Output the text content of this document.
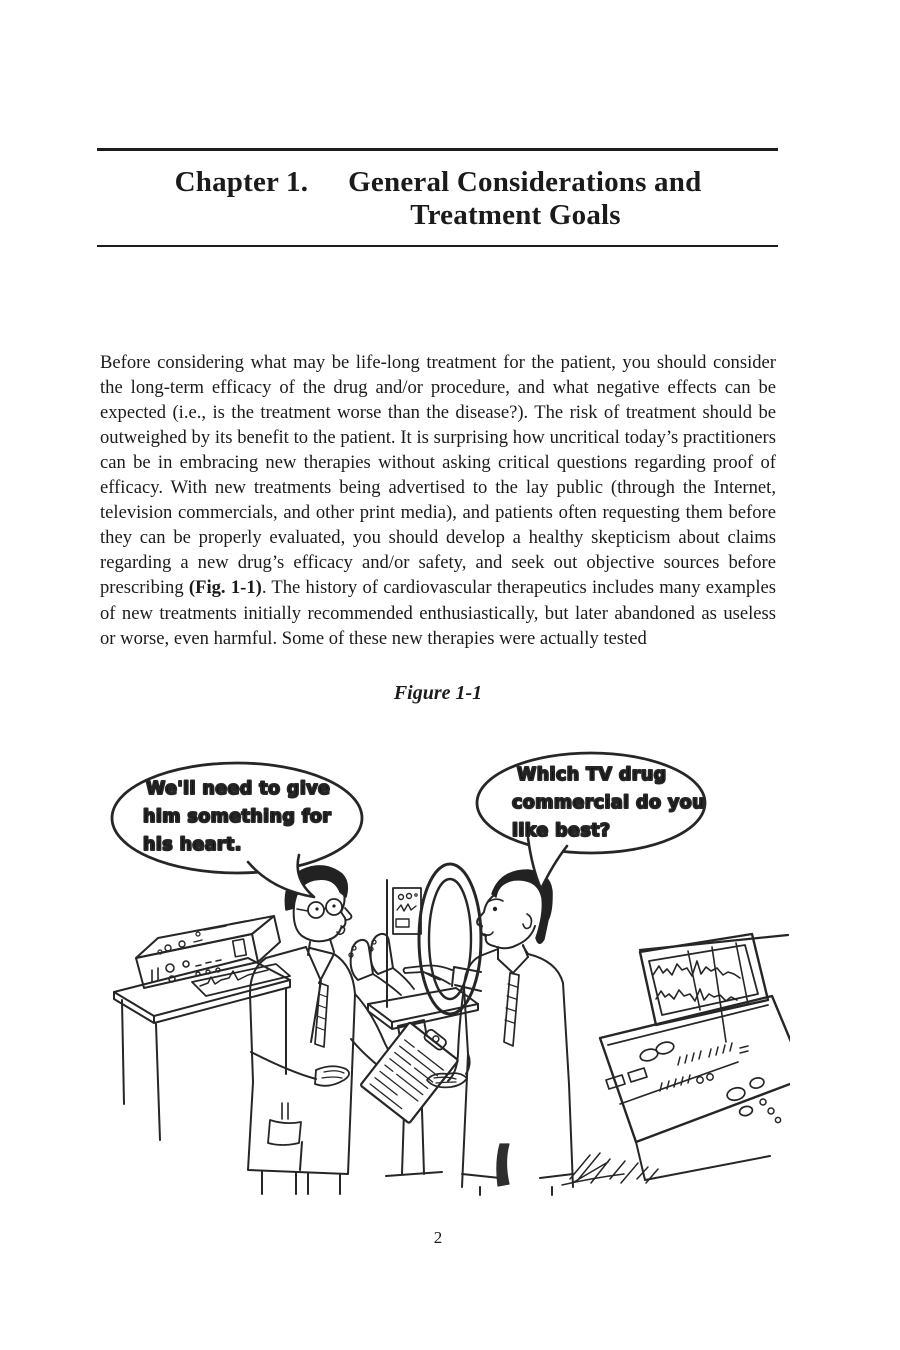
Chapter 1. General Considerations and
Treatment Goals

Before considering what may be life-long treatment for the patient, you should consider the long-term efficacy of the drug and/or procedure, and what negative effects can be expected (i.e., is the treatment worse than the disease?). The risk of treatment should be outweighed by its benefit to the patient. It is surprising how uncritical today’s practitioners can be in embracing new therapies without asking critical questions regarding proof of efficacy. With new treatments being advertised to the lay public (through the Internet, television commercials, and other print media), and patients often requesting them before they can be properly evaluated, you should develop a healthy skepticism about claims regarding a new drug’s efficacy and/or safety, and seek out objective sources before prescribing (Fig. 1-1). The history of cardiovascular therapeutics includes many examples of new treatments initially recommended enthusiastically, but later abandoned as useless or worse, even harmful. Some of these new therapies were actually tested

Figure 1-1
We'll need to give
him something for
his heart.
Which TV drug
commercial do you
like best?
2
